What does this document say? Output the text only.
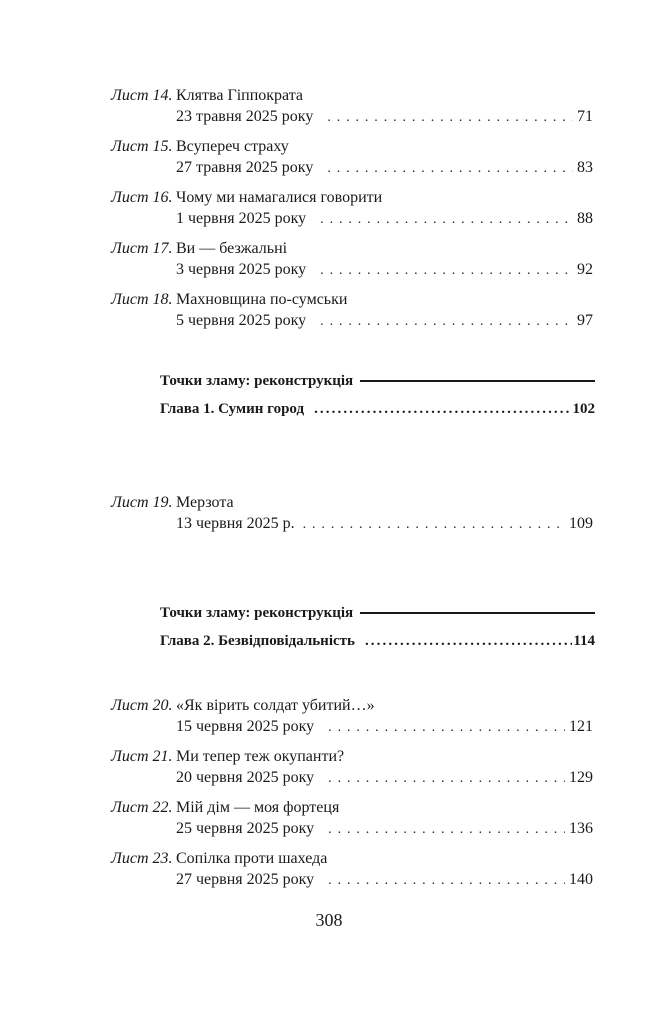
Лист 14. Клятва Гіппократа
23 травня 2025 року . . .	71
Лист 15. Всупереч страху
27 травня 2025 року . . .	83
Лист 16. Чому ми намагалися говорити
1 червня 2025 року . . .	88
Лист 17. Ви — безжальні
3 червня 2025 року . . .	92
Лист 18. Махновщина по-сумськи
5 червня 2025 року . . .	97
Точки зламу: реконструкція
Глава 1. Сумин город .....	102
Лист 19. Мерзота
13 червня 2025 р. . . .	109
Точки зламу: реконструкція
Глава 2. Безвідповідальність .....	114
Лист 20. «Як вірить солдат убитий…»
15 червня 2025 року . . .	121
Лист 21. Ми тепер теж окупанти?
20 червня 2025 року . . .	129
Лист 22. Мій дім — моя фортеця
25 червня 2025 року . . .	136
Лист 23. Сопілка проти шахеда
27 червня 2025 року . . .	140
308
